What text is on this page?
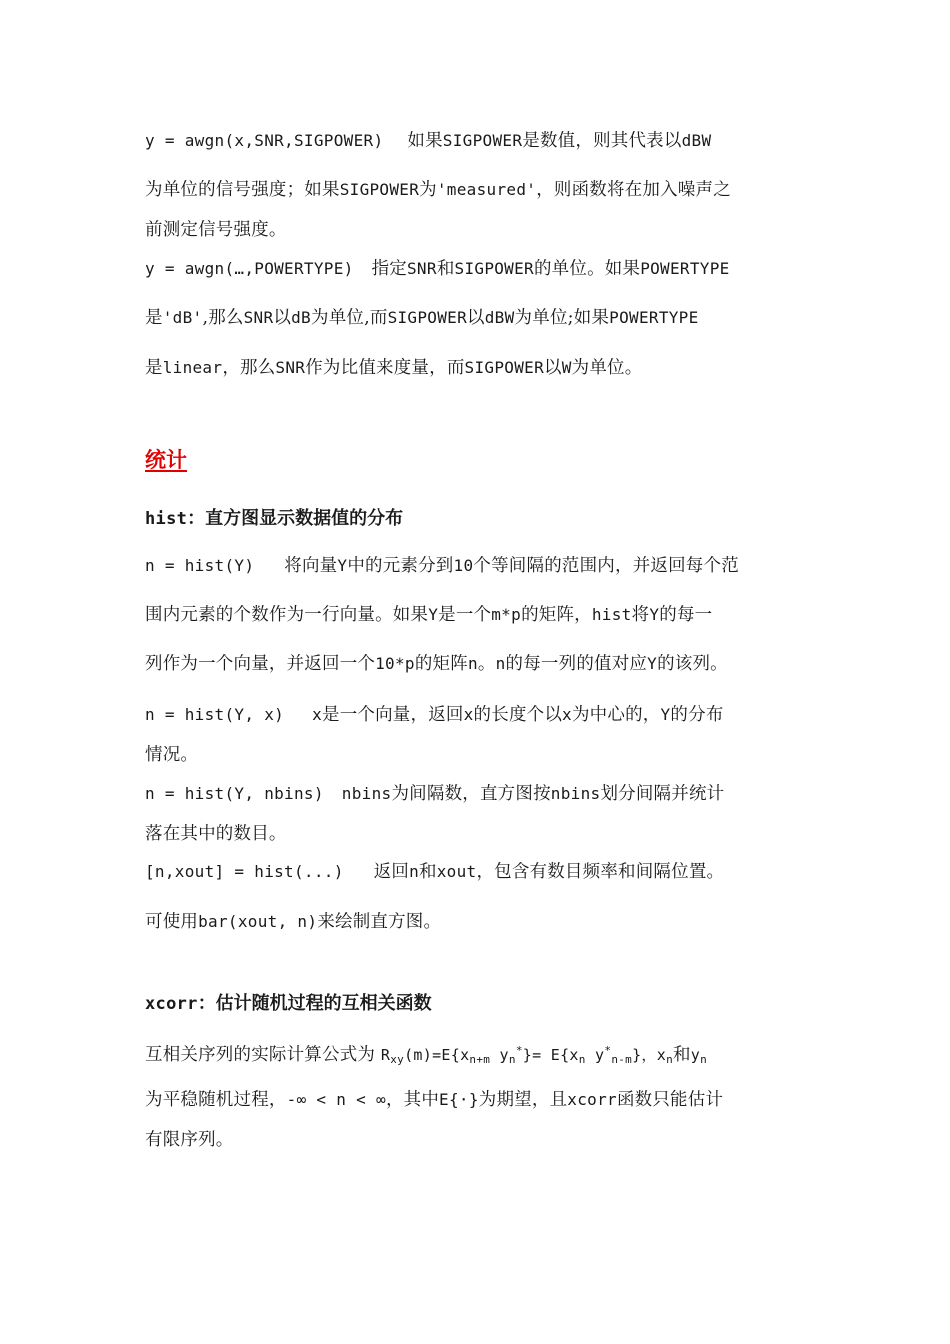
y = awgn(x,SNR,SIGPOWER) 如果SIGPOWER是数值，则其代表以dBW
为单位的信号强度；如果SIGPOWER为'measured'，则函数将在加入噪声之
前测定信号强度。
y = awgn(…,POWERTYPE) 指定SNR和SIGPOWER的单位。如果POWERTYPE
是'dB',那么SNR以dB为单位,而SIGPOWER以dBW为单位;如果POWERTYPE
是linear，那么SNR作为比值来度量，而SIGPOWER以W为单位。
统计
hist：直方图显示数据值的分布
n = hist(Y) 将向量Y中的元素分到10个等间隔的范围内，并返回每个范
围内元素的个数作为一行向量。如果Y是一个m*p的矩阵，hist将Y的每一
列作为一个向量，并返回一个10*p的矩阵n。n的每一列的值对应Y的该列。
n = hist(Y, x) x是一个向量，返回x的长度个以x为中心的，Y的分布
情况。
n = hist(Y, nbins) nbins为间隔数，直方图按nbins划分间隔并统计
落在其中的数目。
[n,xout] = hist(...) 返回n和xout，包含有数目频率和间隔位置。
可使用bar(xout, n)来绘制直方图。
xcorr：估计随机过程的互相关函数
互相关序列的实际计算公式为 $R_{xy}(m)=E\{x_{n+m}$ $y_n^*\}= E\{x_n$ $y^*_{n-m}$}，$x_n$和$y_n$
为平稳随机过程，-∞ < n < ∞，其中E{·}为期望，且xcorr函数只能估计
有限序列。
